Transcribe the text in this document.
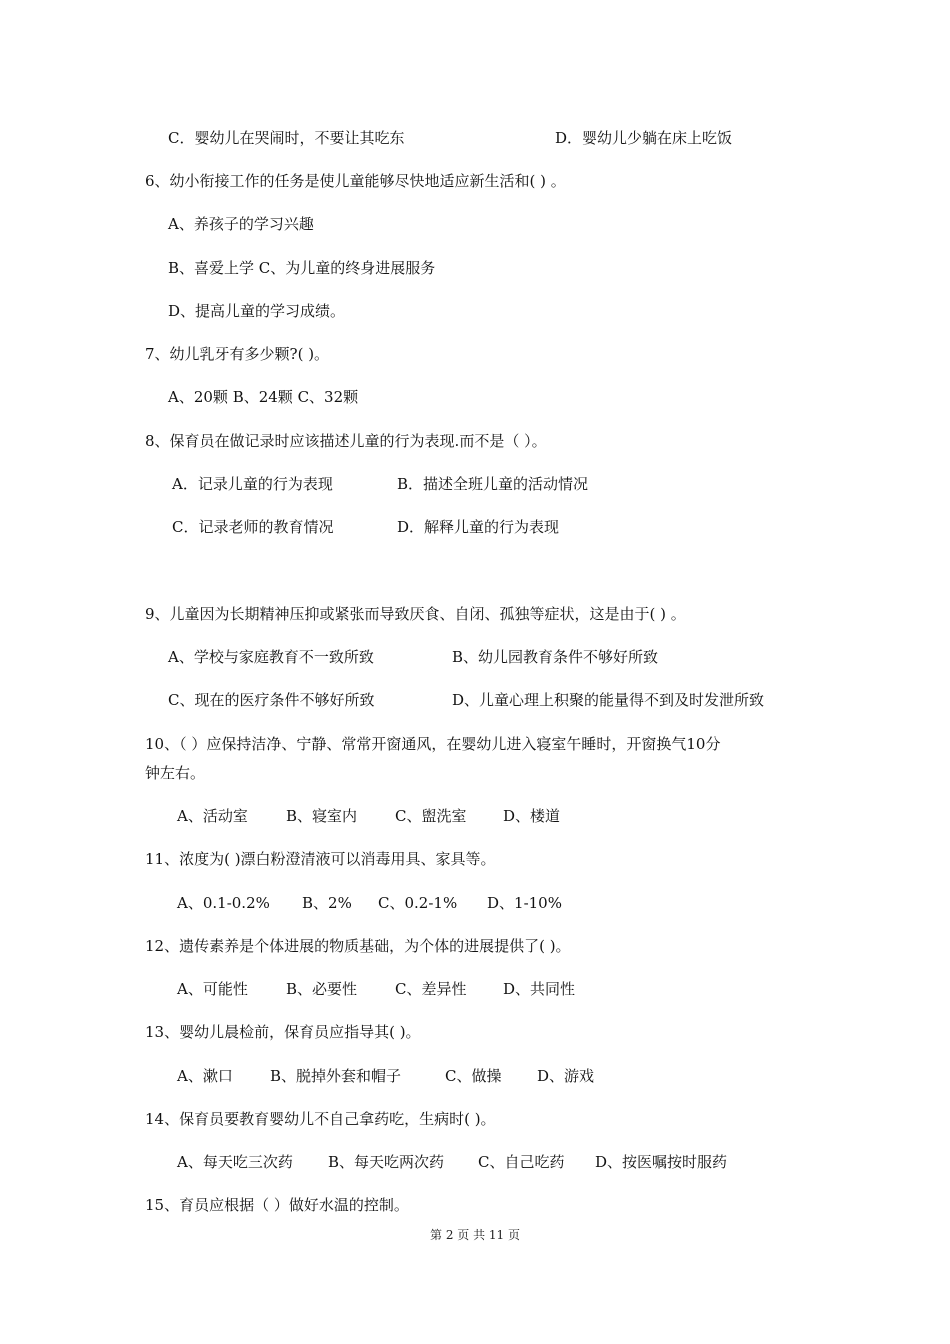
C．婴幼儿在哭闹时，不要让其吃东	D．婴幼儿少躺在床上吃饭
6、幼小衔接工作的任务是使儿童能够尽快地适应新生活和( ) 。
A、养孩子的学习兴趣
B、喜爱上学 C、为儿童的终身进展服务
D、提高儿童的学习成绩。
7、幼儿乳牙有多少颗?( )。
A、20颗 B、24颗 C、32颗
8、保育员在做记录时应该描述儿童的行为表现.而不是（ ）。
A．记录儿童的行为表现	B．描述全班儿童的活动情况
C．记录老师的教育情况	D．解释儿童的行为表现
9、儿童因为长期精神压抑或紧张而导致厌食、自闭、孤独等症状，这是由于( ) 。
A、学校与家庭教育不一致所致	B、幼儿园教育条件不够好所致
C、现在的医疗条件不够好所致	D、儿童心理上积聚的能量得不到及时发泄所致
10、（ ）应保持洁净、宁静、常常开窗通风，在婴幼儿进入寝室午睡时，开窗换气10分
钟左右。
A、活动室	B、寝室内	C、盥洗室 D、楼道
11、浓度为( )漂白粉澄清液可以消毒用具、家具等。
A、0.1-0.2% B、2% C、0.2-1% D、1-10%
12、遗传素养是个体进展的物质基础，为个体的进展提供了( )。
A、可能性	B、必要性	C、差异性 D、共同性
13、婴幼儿晨检前，保育员应指导其( )。
A、漱口 B、脱掉外套和帽子	C、做操 D、游戏
14、保育员要教育婴幼儿不自己拿药吃，生病时( )。
A、每天吃三次药 B、每天吃两次药 C、自己吃药 D、按医嘱按时服药
15、育员应根据（ ）做好水温的控制。
第 2 页 共 11 页
